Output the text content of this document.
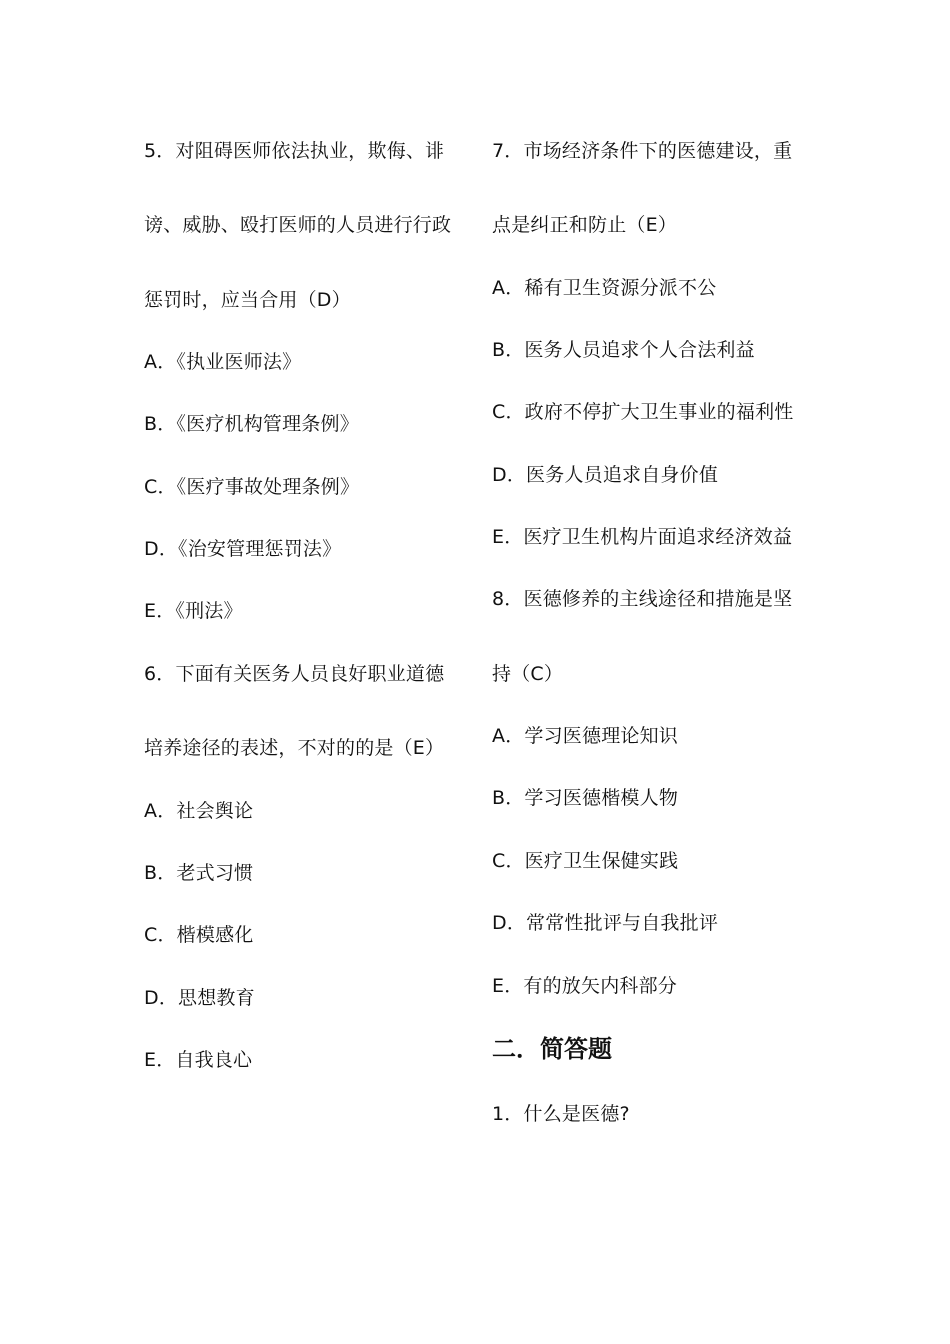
5．对阻碍医师依法执业，欺侮、诽
谤、威胁、殴打医师的人员进行行政
惩罚时，应当合用（D）
A．《执业医师法》
B．《医疗机构管理条例》
C．《医疗事故处理条例》
D．《治安管理惩罚法》
E．《刑法》
6．下面有关医务人员良好职业道德
培养途径的表述，不对的的是（E）
A．社会舆论
B．老式习惯
C．楷模感化
D．思想教育
E．自我良心
7．市场经济条件下的医德建设，重
点是纠正和防止（E）
A．稀有卫生资源分派不公
B．医务人员追求个人合法利益
C．政府不停扩大卫生事业的福利性
D．医务人员追求自身价值
E．医疗卫生机构片面追求经济效益
8．医德修养的主线途径和措施是坚
持（C）
A．学习医德理论知识
B．学习医德楷模人物
C．医疗卫生保健实践
D．常常性批评与自我批评
E．有的放矢内科部分
二．简答题
1．什么是医德?
